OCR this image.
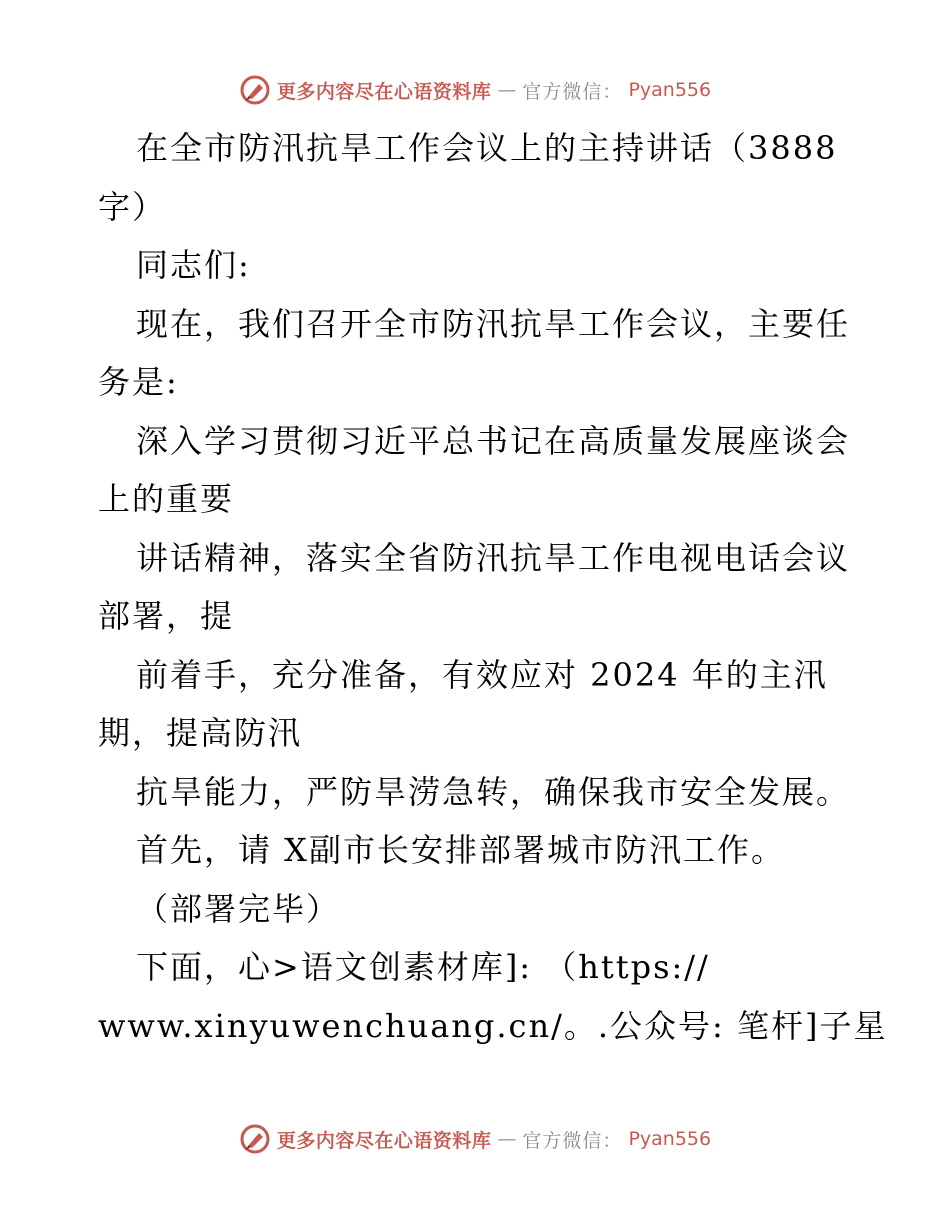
更多内容尽在心语资料库 — 官方微信： Pyan556

在全市防汛抗旱工作会议上的主持讲话（3888字）

同志们:

现在，我们召开全市防汛抗旱工作会议，主要任务是:

深入学习贯彻习近平总书记在高质量发展座谈会上的重要

讲话精神，落实全省防汛抗旱工作电视电话会议部署，提

前着手，充分准备，有效应对 2024 年的主汛期，提高防汛

抗旱能力，严防旱涝急转，确保我市安全发展。

首先，请 X副市长安排部署城市防汛工作。

（部署完毕）

下面，心>语文创素材库]: （https://

www.xinyuwenchuang.cn/。.公众号: 笔杆]子星

更多内容尽在心语资料库 — 官方微信： Pyan556
